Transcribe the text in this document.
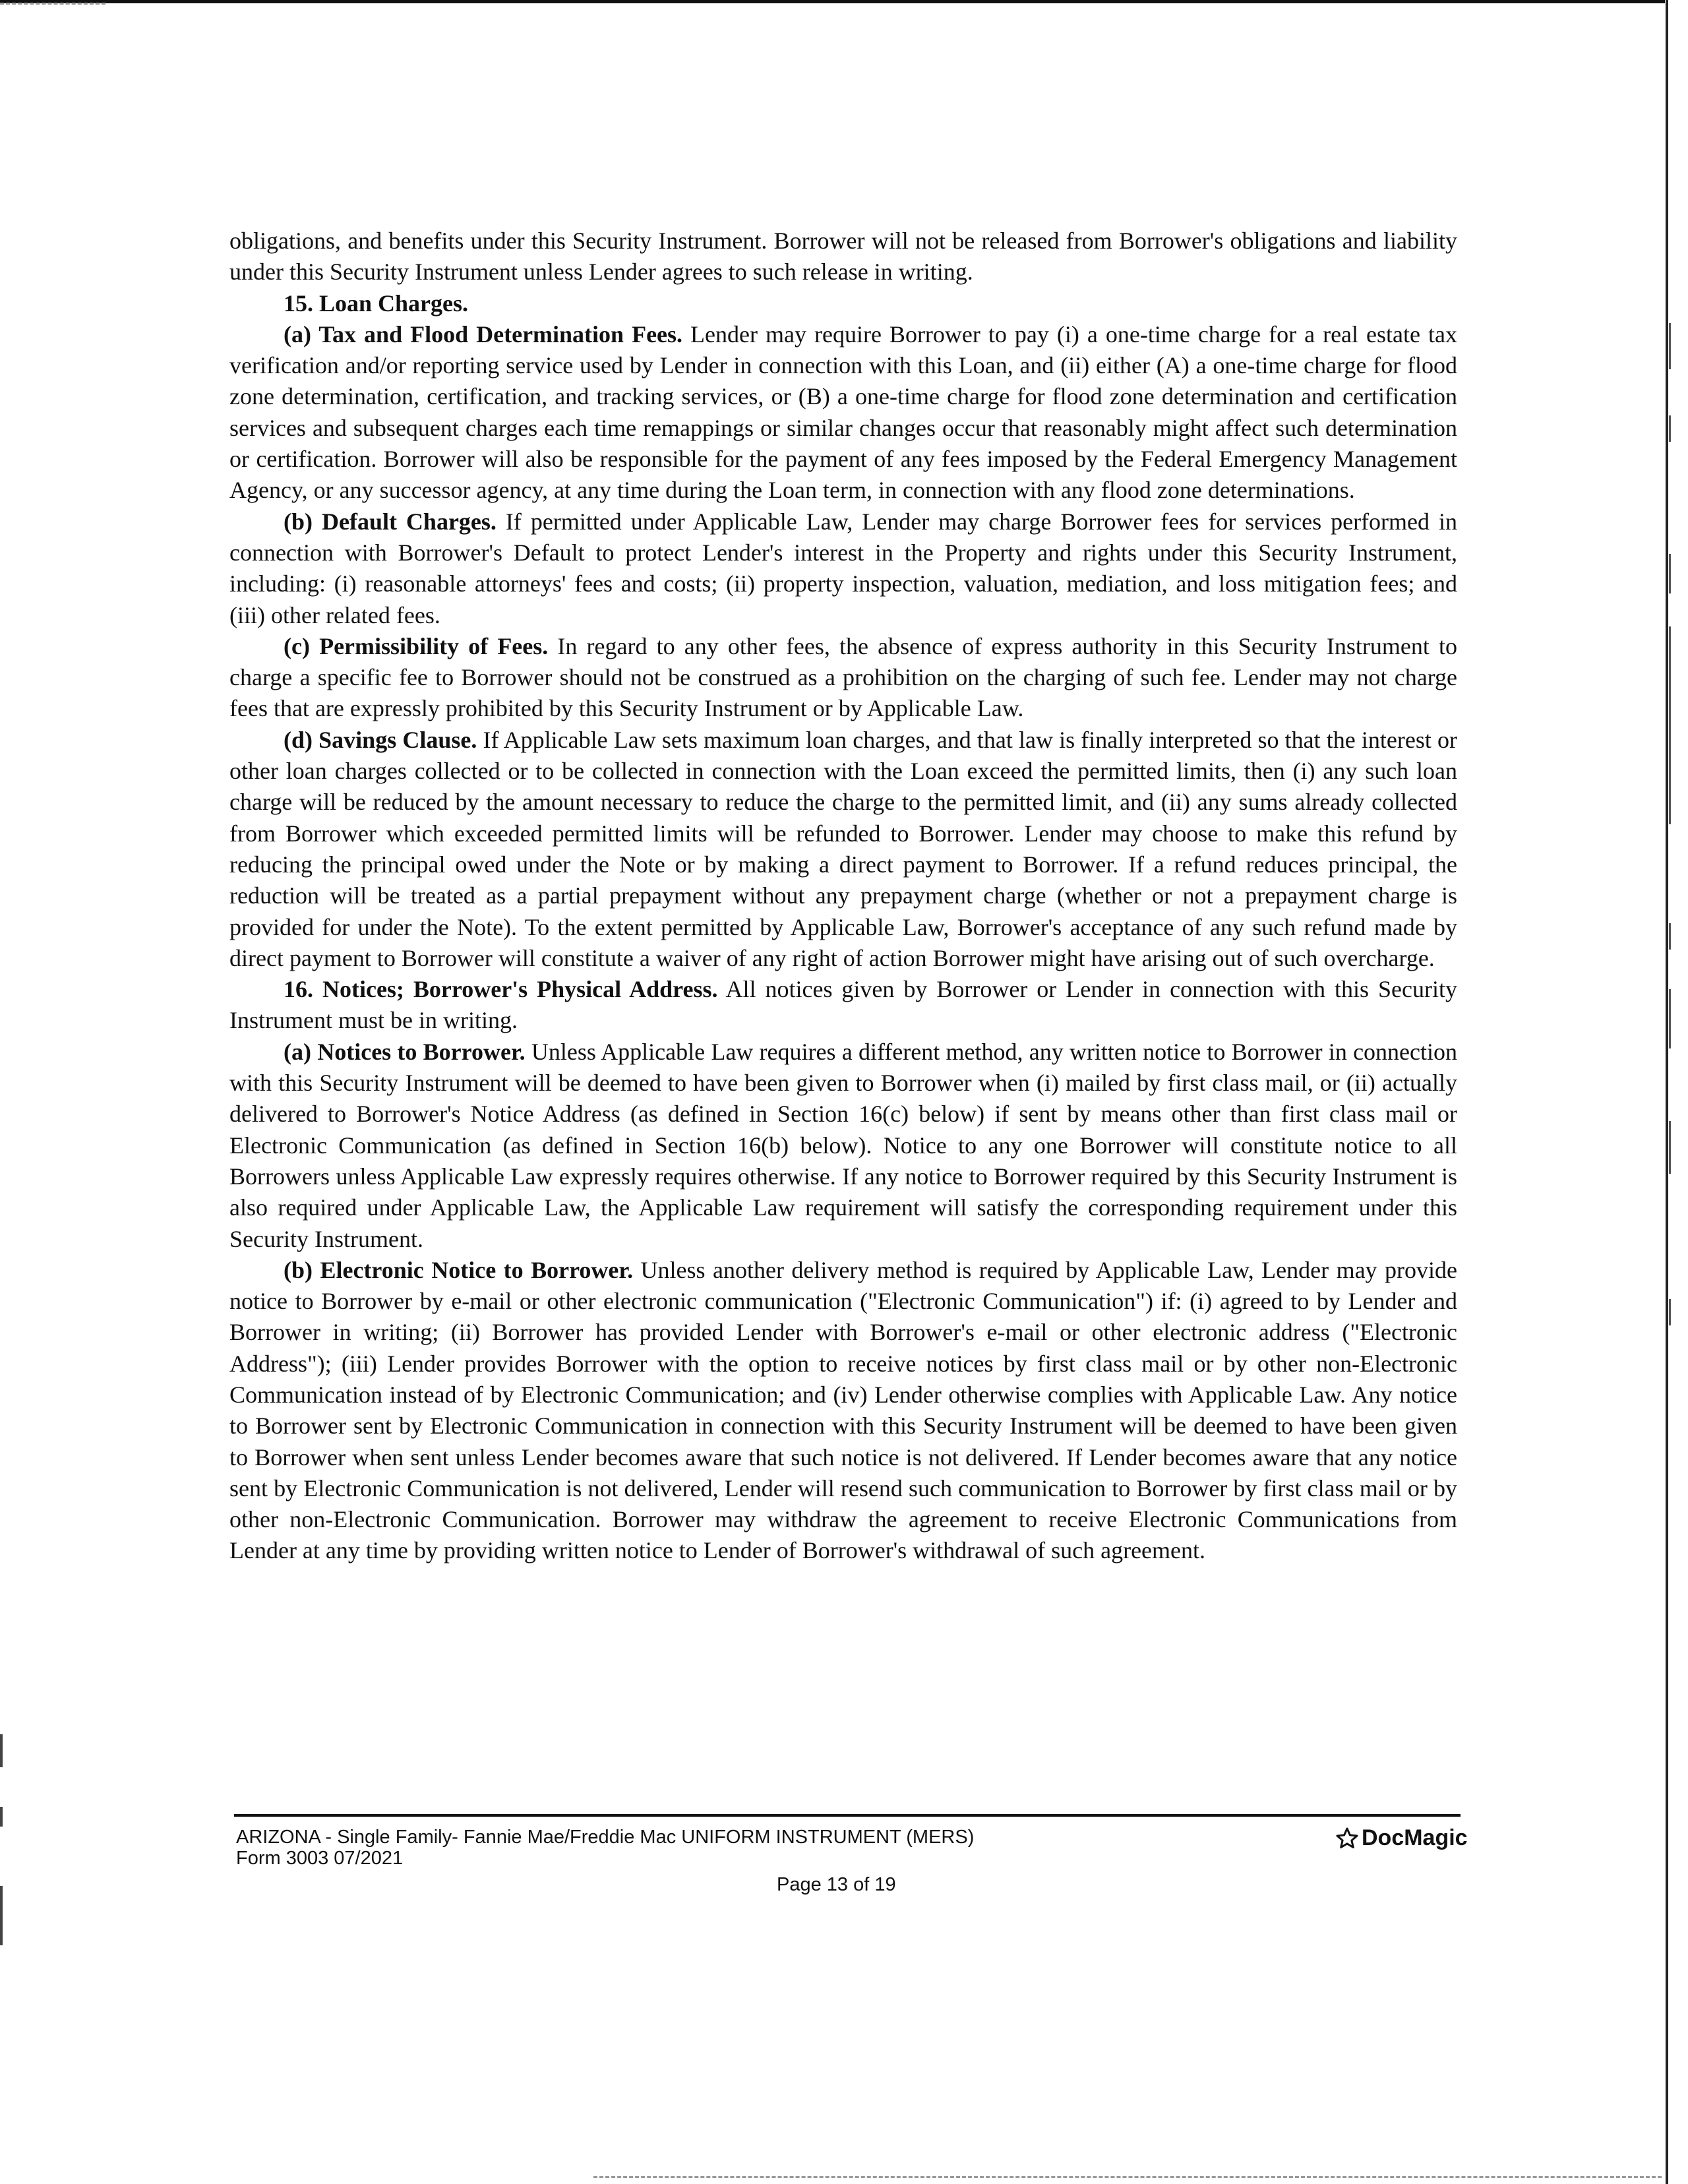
obligations, and benefits under this Security Instrument. Borrower will not be released from Borrower's obligations and liability under this Security Instrument unless Lender agrees to such release in writing.

15. Loan Charges.

(a) Tax and Flood Determination Fees. Lender may require Borrower to pay (i) a one-time charge for a real estate tax verification and/or reporting service used by Lender in connection with this Loan, and (ii) either (A) a one-time charge for flood zone determination, certification, and tracking services, or (B) a one-time charge for flood zone determination and certification services and subsequent charges each time remappings or similar changes occur that reasonably might affect such determination or certification. Borrower will also be responsible for the payment of any fees imposed by the Federal Emergency Management Agency, or any successor agency, at any time during the Loan term, in connection with any flood zone determinations.

(b) Default Charges. If permitted under Applicable Law, Lender may charge Borrower fees for services performed in connection with Borrower's Default to protect Lender's interest in the Property and rights under this Security Instrument, including: (i) reasonable attorneys' fees and costs; (ii) property inspection, valuation, mediation, and loss mitigation fees; and (iii) other related fees.

(c) Permissibility of Fees. In regard to any other fees, the absence of express authority in this Security Instrument to charge a specific fee to Borrower should not be construed as a prohibition on the charging of such fee. Lender may not charge fees that are expressly prohibited by this Security Instrument or by Applicable Law.

(d) Savings Clause. If Applicable Law sets maximum loan charges, and that law is finally interpreted so that the interest or other loan charges collected or to be collected in connection with the Loan exceed the permitted limits, then (i) any such loan charge will be reduced by the amount necessary to reduce the charge to the permitted limit, and (ii) any sums already collected from Borrower which exceeded permitted limits will be refunded to Borrower. Lender may choose to make this refund by reducing the principal owed under the Note or by making a direct payment to Borrower. If a refund reduces principal, the reduction will be treated as a partial prepayment without any prepayment charge (whether or not a prepayment charge is provided for under the Note). To the extent permitted by Applicable Law, Borrower's acceptance of any such refund made by direct payment to Borrower will constitute a waiver of any right of action Borrower might have arising out of such overcharge.

16. Notices; Borrower's Physical Address. All notices given by Borrower or Lender in connection with this Security Instrument must be in writing.

(a) Notices to Borrower. Unless Applicable Law requires a different method, any written notice to Borrower in connection with this Security Instrument will be deemed to have been given to Borrower when (i) mailed by first class mail, or (ii) actually delivered to Borrower's Notice Address (as defined in Section 16(c) below) if sent by means other than first class mail or Electronic Communication (as defined in Section 16(b) below). Notice to any one Borrower will constitute notice to all Borrowers unless Applicable Law expressly requires otherwise. If any notice to Borrower required by this Security Instrument is also required under Applicable Law, the Applicable Law requirement will satisfy the corresponding requirement under this Security Instrument.

(b) Electronic Notice to Borrower. Unless another delivery method is required by Applicable Law, Lender may provide notice to Borrower by e-mail or other electronic communication ("Electronic Communication") if: (i) agreed to by Lender and Borrower in writing; (ii) Borrower has provided Lender with Borrower's e-mail or other electronic address ("Electronic Address"); (iii) Lender provides Borrower with the option to receive notices by first class mail or by other non-Electronic Communication instead of by Electronic Communication; and (iv) Lender otherwise complies with Applicable Law. Any notice to Borrower sent by Electronic Communication in connection with this Security Instrument will be deemed to have been given to Borrower when sent unless Lender becomes aware that such notice is not delivered. If Lender becomes aware that any notice sent by Electronic Communication is not delivered, Lender will resend such communication to Borrower by first class mail or by other non-Electronic Communication. Borrower may withdraw the agreement to receive Electronic Communications from Lender at any time by providing written notice to Lender of Borrower's withdrawal of such agreement.

ARIZONA - Single Family- Fannie Mae/Freddie Mac UNIFORM INSTRUMENT (MERS)
Form 3003 07/2021
Page 13 of 19
DocMagic
